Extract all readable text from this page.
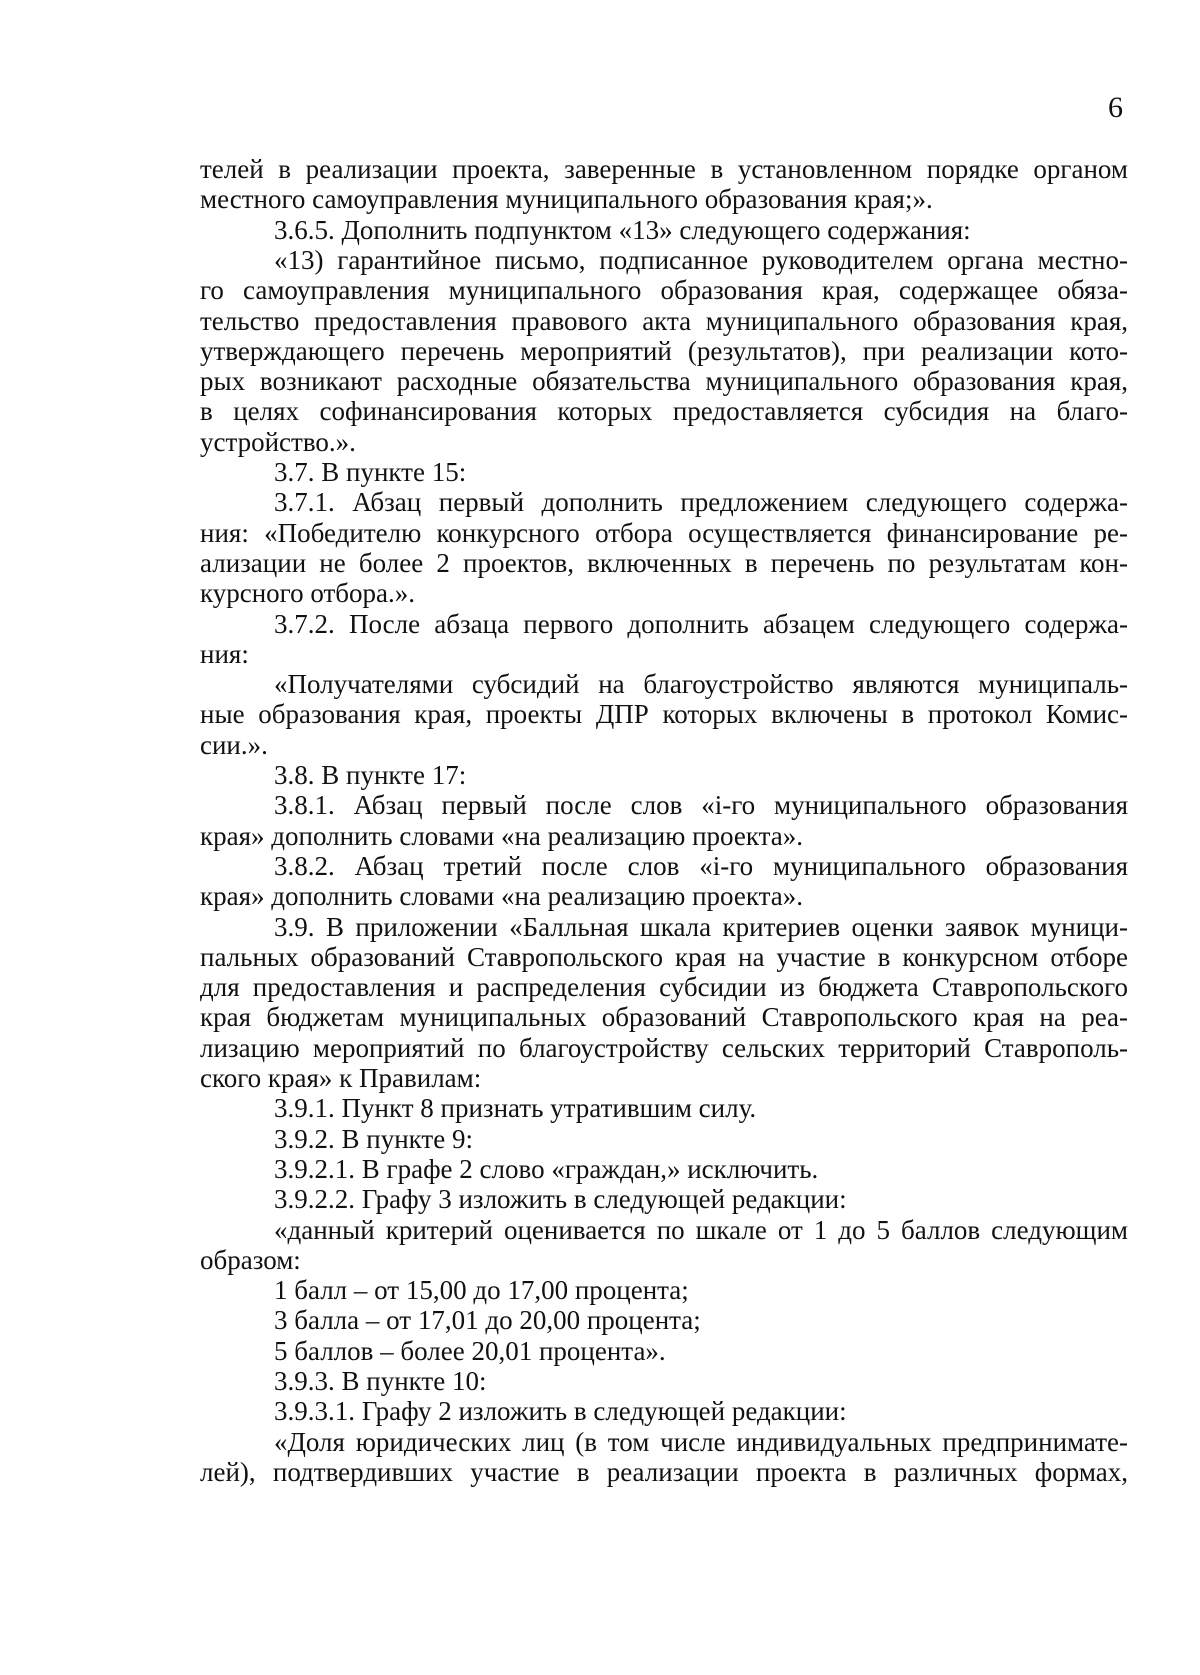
6
телей в реализации проекта, заверенные в установленном порядке органом
местного самоуправления муниципального образования края;».
3.6.5. Дополнить подпунктом «13» следующего содержания:
«13) гарантийное письмо, подписанное руководителем органа местно-
го самоуправления муниципального образования края, содержащее обяза-
тельство предоставления правового акта муниципального образования края,
утверждающего перечень мероприятий (результатов), при реализации кото-
рых возникают расходные обязательства муниципального образования края,
в целях софинансирования которых предоставляется субсидия на благо-
устройство.».
3.7. В пункте 15:
3.7.1. Абзац первый дополнить предложением следующего содержа-
ния: «Победителю конкурсного отбора осуществляется финансирование ре-
ализации не более 2 проектов, включенных в перечень по результатам кон-
курсного отбора.».
3.7.2. После абзаца первого дополнить абзацем следующего содержа-
ния:
«Получателями субсидий на благоустройство являются муниципаль-
ные образования края, проекты ДПР которых включены в протокол Комис-
сии.».
3.8. В пункте 17:
3.8.1. Абзац первый после слов «i-го муниципального образования
края» дополнить словами «на реализацию проекта».
3.8.2. Абзац третий после слов «i-го муниципального образования
края» дополнить словами «на реализацию проекта».
3.9. В приложении «Балльная шкала критериев оценки заявок муници-
пальных образований Ставропольского края на участие в конкурсном отборе
для предоставления и распределения субсидии из бюджета Ставропольского
края бюджетам муниципальных образований Ставропольского края на реа-
лизацию мероприятий по благоустройству сельских территорий Ставрополь-
ского края» к Правилам:
3.9.1. Пункт 8 признать утратившим силу.
3.9.2. В пункте 9:
3.9.2.1. В графе 2 слово «граждан,» исключить.
3.9.2.2. Графу 3 изложить в следующей редакции:
«данный критерий оценивается по шкале от 1 до 5 баллов следующим
образом:
1 балл – от 15,00 до 17,00 процента;
3 балла – от 17,01 до 20,00 процента;
5 баллов – более 20,01 процента».
3.9.3. В пункте 10:
3.9.3.1. Графу 2 изложить в следующей редакции:
«Доля юридических лиц (в том числе индивидуальных предпринимате-
лей), подтвердивших участие в реализации проекта в различных формах,
